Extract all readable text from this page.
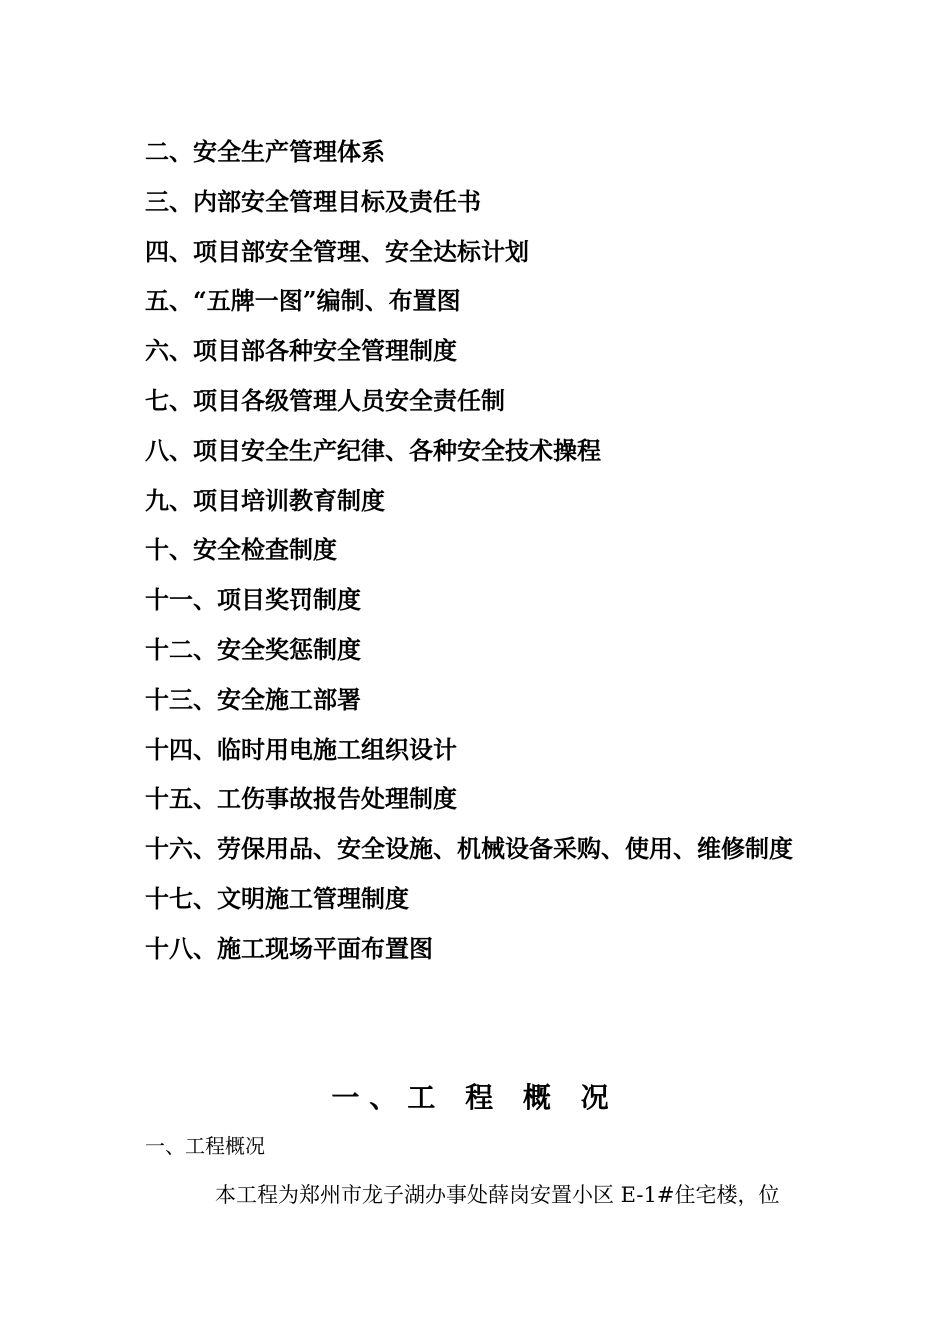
二、安全生产管理体系
三、内部安全管理目标及责任书
四、项目部安全管理、安全达标计划
五、“五牌一图”编制、布置图
六、项目部各种安全管理制度
七、项目各级管理人员安全责任制
八、项目安全生产纪律、各种安全技术操程
九、项目培训教育制度
十、安全检查制度
十一、项目奖罚制度
十二、安全奖惩制度
十三、安全施工部署
十四、临时用电施工组织设计
十五、工伤事故报告处理制度
十六、劳保用品、安全设施、机械设备采购、使用、维修制度
十七、文明施工管理制度
十八、施工现场平面布置图
一、工 程 概 况
一、工程概况
本工程为郑州市龙子湖办事处薛岗安置小区 E-1#住宅楼，位
